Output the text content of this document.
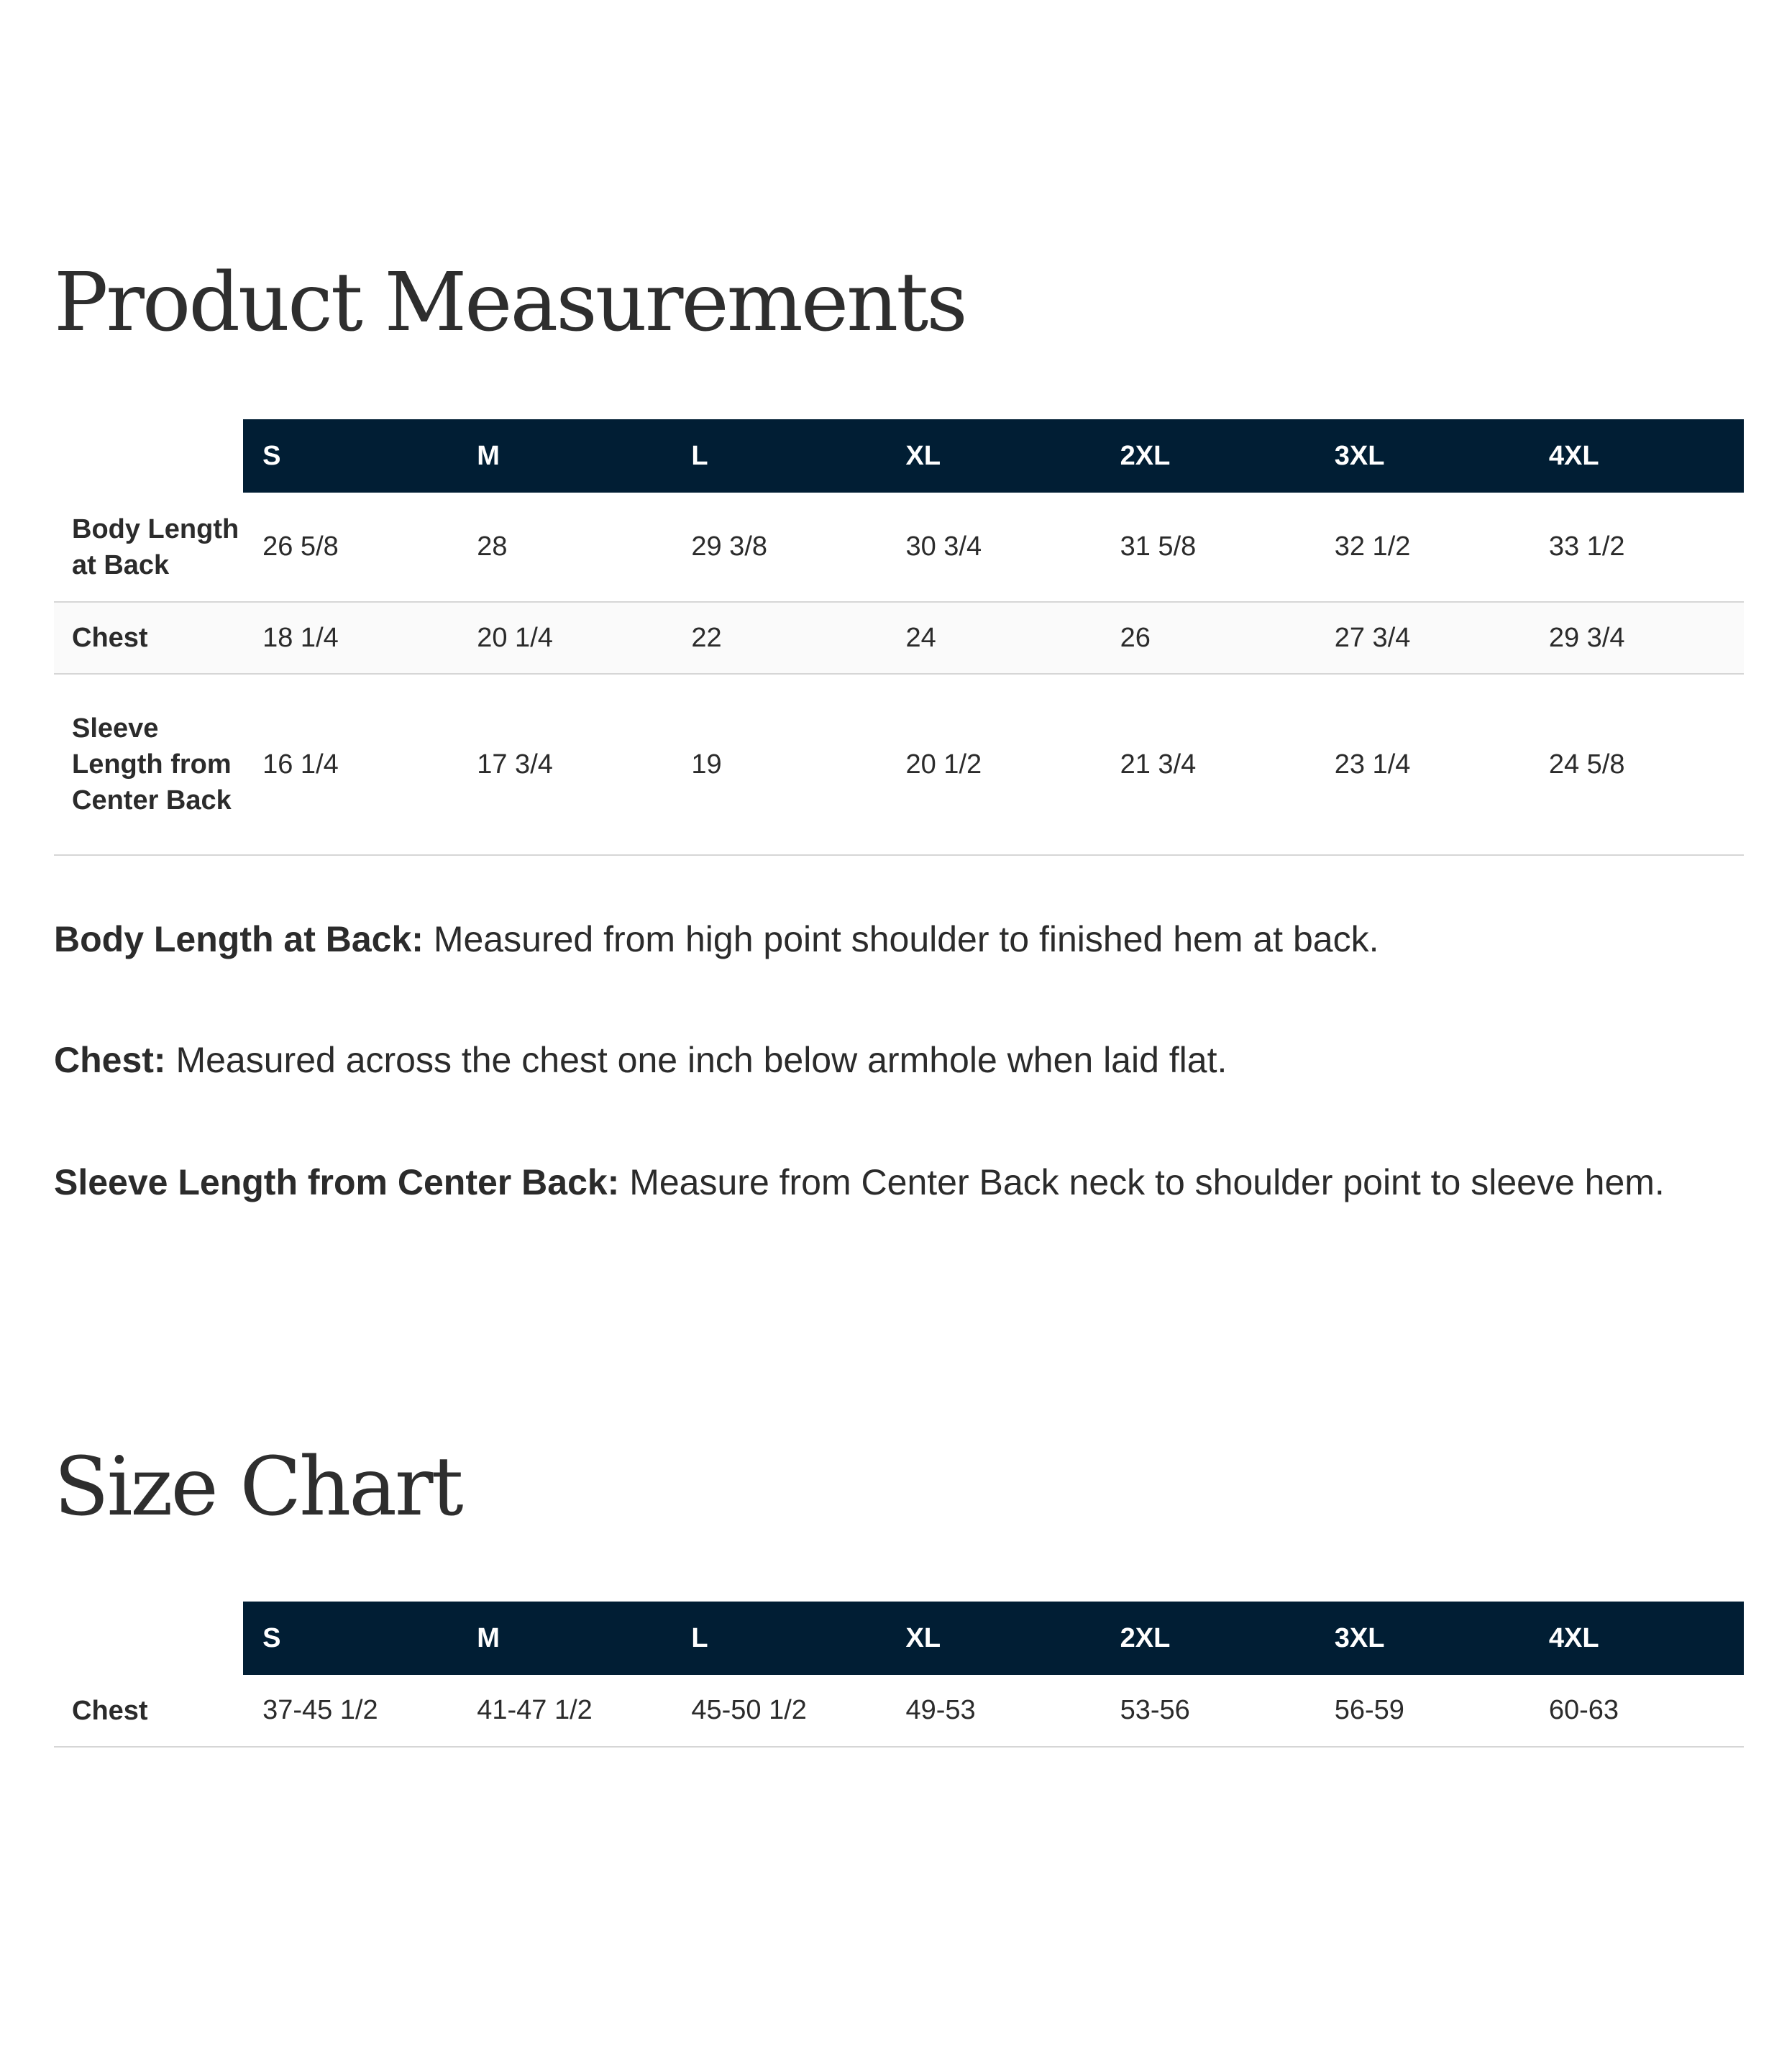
Product Measurements
	S	M	L	XL	2XL	3XL	4XL
Body Length at Back	26 5/8	28	29 3/8	30 3/4	31 5/8	32 1/2	33 1/2
Chest	18 1/4	20 1/4	22	24	26	27 3/4	29 3/4
Sleeve Length from Center Back	16 1/4	17 3/4	19	20 1/2	21 3/4	23 1/4	24 5/8

Body Length at Back: Measured from high point shoulder to finished hem at back.

Chest: Measured across the chest one inch below armhole when laid flat.

Sleeve Length from Center Back: Measure from Center Back neck to shoulder point to sleeve hem.

Size Chart
	S	M	L	XL	2XL	3XL	4XL
Chest	37-45 1/2	41-47 1/2	45-50 1/2	49-53	53-56	56-59	60-63
